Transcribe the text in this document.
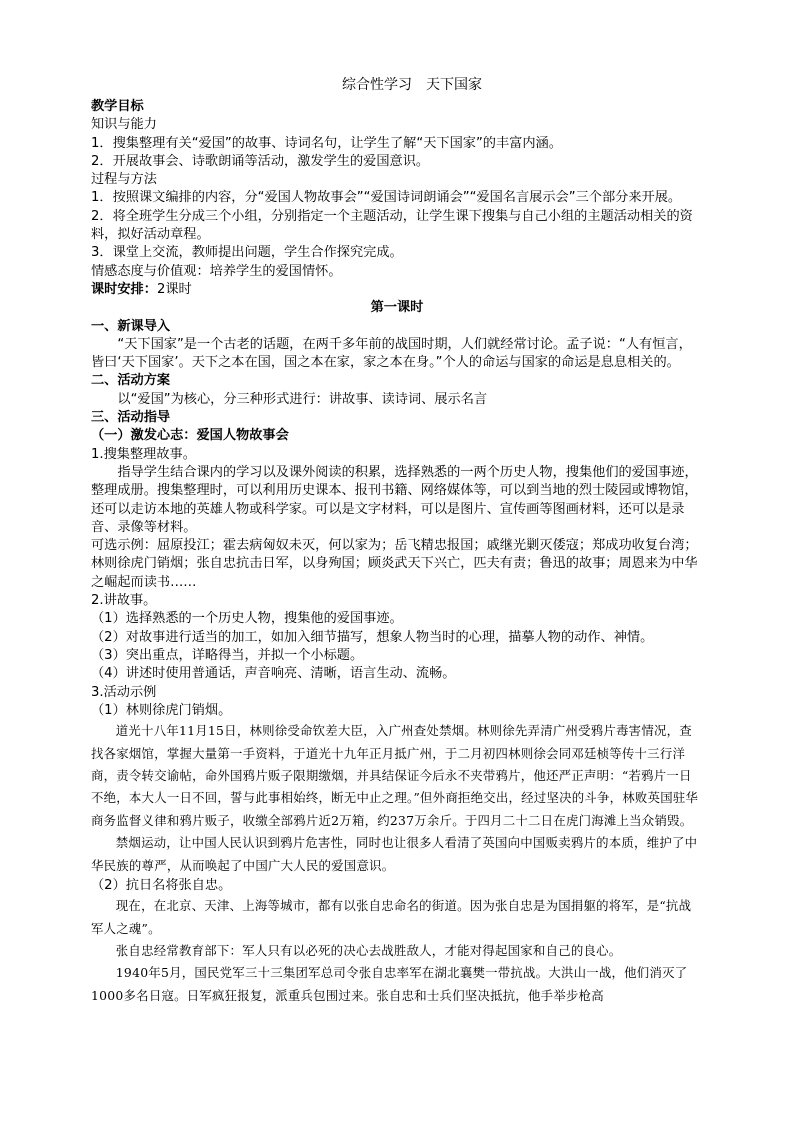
综合性学习　天下国家

教学目标

知识与能力

1．搜集整理有关“爱国”的故事、诗词名句，让学生了解“天下国家”的丰富内涵。

2．开展故事会、诗歌朗诵等活动，激发学生的爱国意识。

过程与方法

1．按照课文编排的内容，分“爱国人物故事会”“爱国诗词朗诵会”“爱国名言展示会”三个部分来开展。

2．将全班学生分成三个小组，分别指定一个主题活动，让学生课下搜集与自己小组的主题活动相关的资料，拟好活动章程。

3．课堂上交流，教师提出问题，学生合作探究完成。

情感态度与价值观：培养学生的爱国情怀。

课时安排：2课时

第一课时

一、新课导入

“天下国家”是一个古老的话题，在两千多年前的战国时期，人们就经常讨论。孟子说：“人有恒言，皆曰‘天下国家’。天下之本在国，国之本在家，家之本在身。”个人的命运与国家的命运是息息相关的。

二、活动方案

以“爱国”为核心，分三种形式进行：讲故事、读诗词、展示名言

三、活动指导

（一）激发心志：爱国人物故事会

1.搜集整理故事。

指导学生结合课内的学习以及课外阅读的积累，选择熟悉的一两个历史人物，搜集他们的爱国事迹，整理成册。搜集整理时，可以利用历史课本、报刊书籍、网络媒体等，可以到当地的烈士陵园或博物馆，还可以走访本地的英雄人物或科学家。可以是文字材料，可以是图片、宣传画等图画材料，还可以是录音、录像等材料。

可选示例：屈原投江；霍去病匈奴未灭，何以家为；岳飞精忠报国；戚继光剿灭倭寇；郑成功收复台湾；

林则徐虎门销烟；张自忠抗击日军，以身殉国；顾炎武天下兴亡，匹夫有责；鲁迅的故事；周恩来为中华之崛起而读书……

2.讲故事。

（1）选择熟悉的一个历史人物，搜集他的爱国事迹。

（2）对故事进行适当的加工，如加入细节描写，想象人物当时的心理，描摹人物的动作、神情。

（3）突出重点，详略得当，并拟一个小标题。

（4）讲述时使用普通话，声音响亮、清晰，语言生动、流畅。

3.活动示例

（1）林则徐虎门销烟。

道光十八年11月15日，林则徐受命钦差大臣，入广州查处禁烟。林则徐先弄清广州受鸦片毒害情况，查找各家烟馆，掌握大量第一手资料，于道光十九年正月抵广州，于二月初四林则徐会同邓廷桢等传十三行洋商，责令转交谕帖，命外国鸦片贩子限期缴烟，并具结保证今后永不夹带鸦片，他还严正声明：“若鸦片一日不绝，本大人一日不回，誓与此事相始终，断无中止之理。”但外商拒绝交出，经过坚决的斗争，林败英国驻华商务监督义律和鸦片贩子，收缴全部鸦片近2万箱，约237万余斤。于四月二十二日在虎门海滩上当众销毁。

禁烟运动，让中国人民认识到鸦片危害性，同时也让很多人看清了英国向中国贩卖鸦片的本质，维护了中华民族的尊严，从而唤起了中国广大人民的爱国意识。

（2）抗日名将张自忠。

现在，在北京、天津、上海等城市，都有以张自忠命名的街道。因为张自忠是为国捐躯的将军，是“抗战军人之魂”。

张自忠经常教育部下：军人只有以必死的决心去战胜敌人，才能对得起国家和自己的良心。

1940年5月，国民党军三十三集团军总司令张自忠率军在湖北襄樊一带抗战。大洪山一战，他们消灭了1000多名日寇。日军疯狂报复，派重兵包围过来。张自忠和士兵们坚决抵抗，他手举步枪高
